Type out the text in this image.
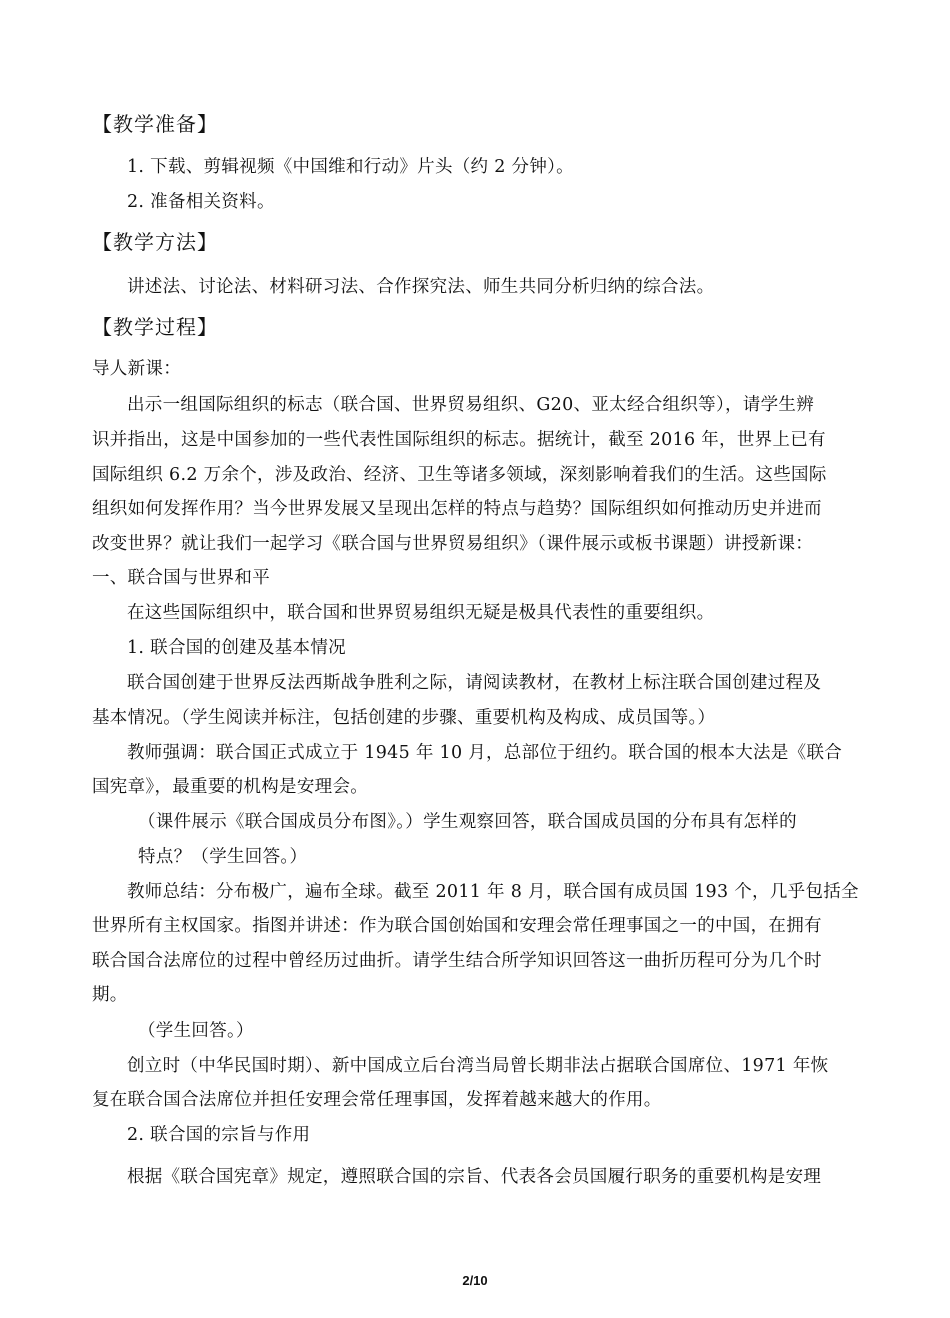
【教学准备】
1. 下载、剪辑视频《中国维和行动》片头（约 2 分钟）。
2. 准备相关资料。
【教学方法】
讲述法、讨论法、材料研习法、合作探究法、师生共同分析归纳的综合法。
【教学过程】
导人新课：
出示一组国际组织的标志（联合国、世界贸易组织、G20、亚太经合组织等），请学生辨
识并指出，这是中国参加的一些代表性国际组织的标志。据统计，截至 2016 年，世界上已有
国际组织 6.2 万余个，涉及政治、经济、卫生等诸多领域，深刻影响着我们的生活。这些国际
组织如何发挥作用？当今世界发展又呈现出怎样的特点与趋势？国际组织如何推动历史并进而
改变世界？就让我们一起学习《联合国与世界贸易组织》（课件展示或板书课题）讲授新课：
一、联合国与世界和平
在这些国际组织中，联合国和世界贸易组织无疑是极具代表性的重要组织。
1. 联合国的创建及基本情况
联合国创建于世界反法西斯战争胜利之际，请阅读教材，在教材上标注联合国创建过程及
基本情况。（学生阅读并标注，包括创建的步骤、重要机构及构成、成员国等。）
教师强调：联合国正式成立于 1945 年 10 月，总部位于纽约。联合国的根本大法是《联合
国宪章》，最重要的机构是安理会。
（课件展示《联合国成员分布图》。）学生观察回答，联合国成员国的分布具有怎样的
特点？（学生回答。）
教师总结：分布极广，遍布全球。截至 2011 年 8 月，联合国有成员国 193 个，几乎包括全
世界所有主权国家。指图并讲述：作为联合国创始国和安理会常任理事国之一的中国，在拥有
联合国合法席位的过程中曾经历过曲折。请学生结合所学知识回答这一曲折历程可分为几个时
期。
（学生回答。）
创立时（中华民国时期）、新中国成立后台湾当局曾长期非法占据联合国席位、1971 年恢
复在联合国合法席位并担任安理会常任理事国，发挥着越来越大的作用。
2. 联合国的宗旨与作用
根据《联合国宪章》规定，遵照联合国的宗旨、代表各会员国履行职务的重要机构是安理
2/10
